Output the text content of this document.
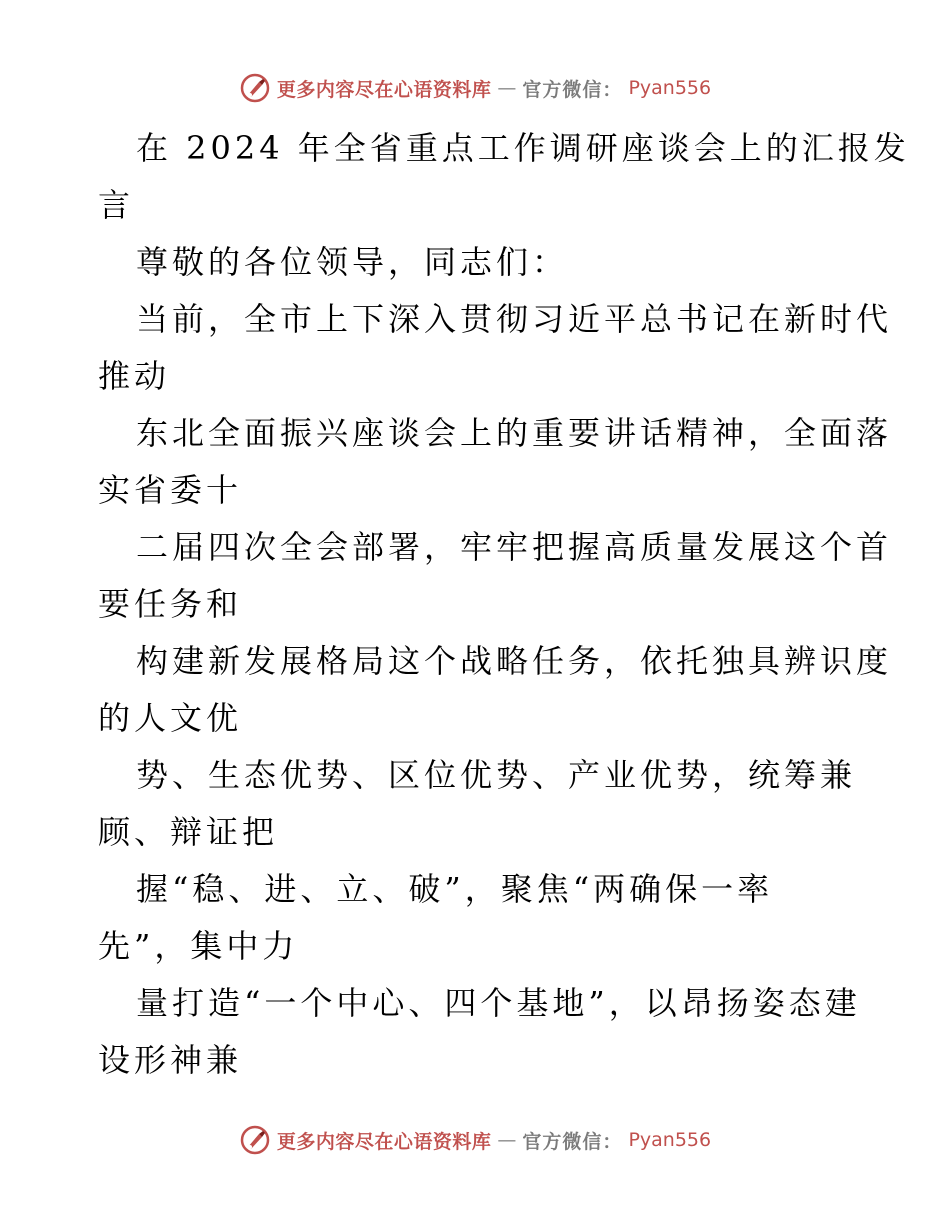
更多内容尽在心语资料库 — 官方微信： Pyan556
在 2024 年全省重点工作调研座谈会上的汇报发
言
尊敬的各位领导，同志们：
当前，全市上下深入贯彻习近平总书记在新时代
推动
东北全面振兴座谈会上的重要讲话精神，全面落
实省委十
二届四次全会部署，牢牢把握高质量发展这个首
要任务和
构建新发展格局这个战略任务，依托独具辨识度
的人文优
势、生态优势、区位优势、产业优势，统筹兼
顾、辩证把
握“稳、进、立、破”，聚焦“两确保一率
先”，集中力
量打造“一个中心、四个基地”，以昂扬姿态建
设形神兼
更多内容尽在心语资料库 — 官方微信： Pyan556
